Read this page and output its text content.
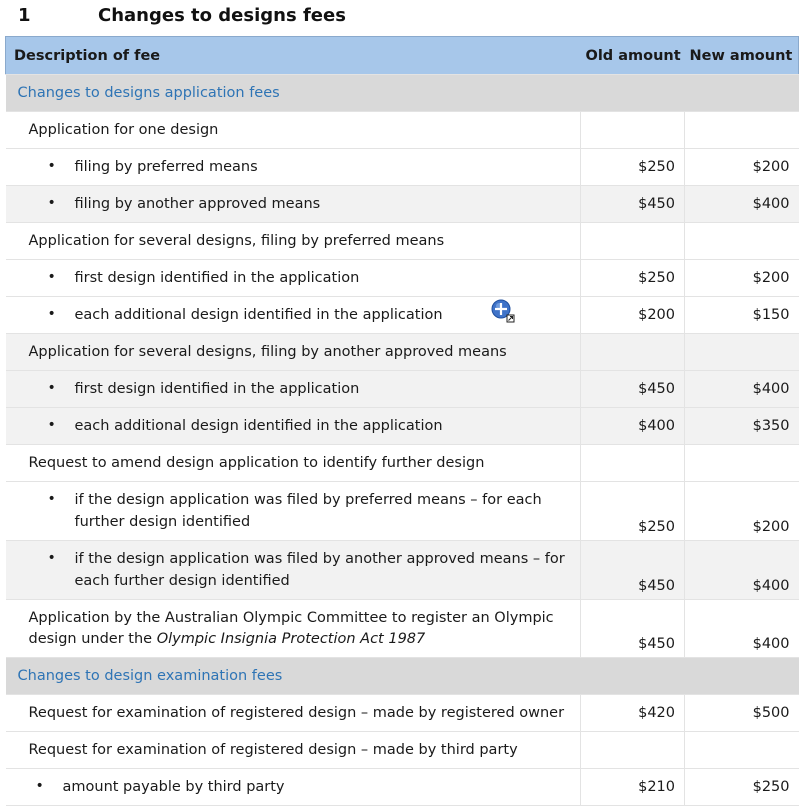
1	Changes to designs fees
Description of fee	Old amount	New amount
Changes to designs application fees		
Application for one design		

• filing by preferred means	$250	$200

• filing by another approved means	$450	$400
Application for several designs, filing by preferred means		

• first design identified in the application	$250	$200

• each additional design identified in the application	$200	$150
Application for several designs, filing by another approved means		

• first design identified in the application	$450	$400

• each additional design identified in the application	$400	$350
Request to amend design application to identify further design		

• if the design application was filed by preferred means – for each
further design identified	$250	$200

• if the design application was filed by another approved means – for
each further design identified	$450	$400
Application by the Australian Olympic Committee to register an Olympic
design under the Olympic Insignia Protection Act 1987	$450	$400
Changes to design examination fees		
Request for examination of registered design – made by registered owner	$420	$500
Request for examination of registered design – made by third party		

• amount payable by third party	$210	$250
